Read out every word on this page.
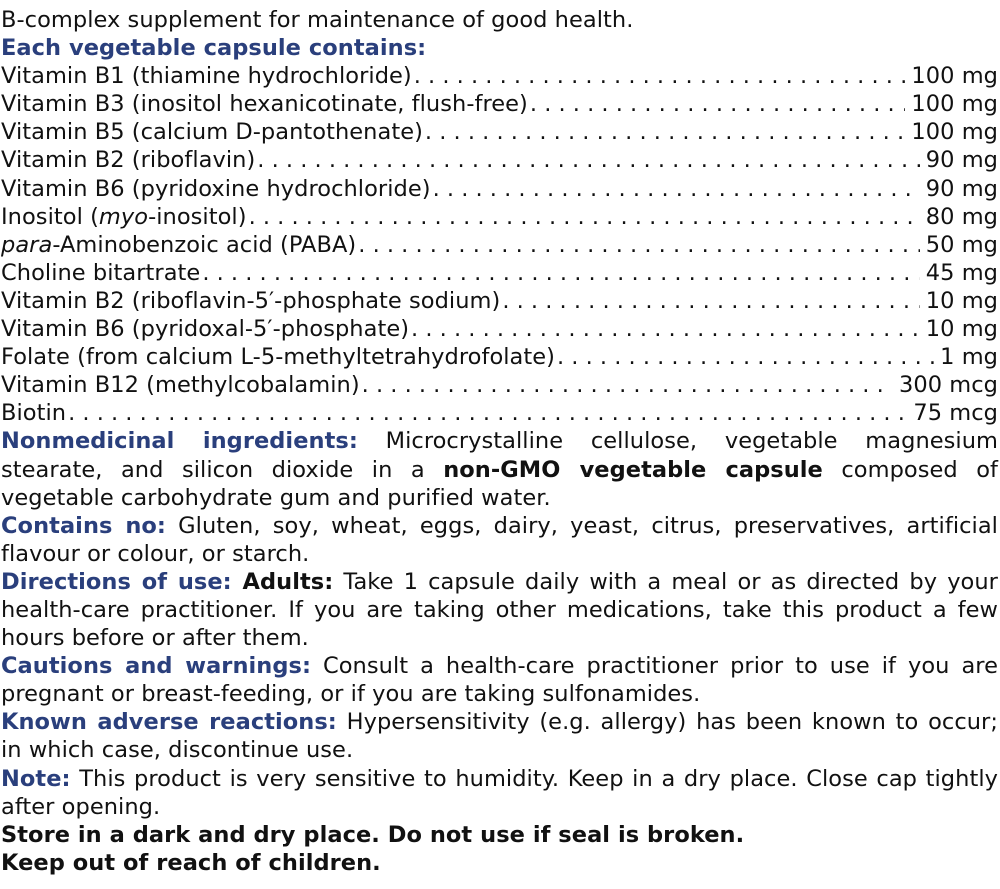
B-complex supplement for maintenance of good health.
Each vegetable capsule contains:
Vitamin B1 (thiamine hydrochloride) . . .	100 mg
Vitamin B3 (inositol hexanicotinate, flush-free) . . .	100 mg
Vitamin B5 (calcium D-pantothenate) . . .	100 mg
Vitamin B2 (riboflavin) . . .	90 mg
Vitamin B6 (pyridoxine hydrochloride) . . .	90 mg
Inositol (myo-inositol) . . .	80 mg
para-Aminobenzoic acid (PABA) . . .	50 mg
Choline bitartrate . . .	45 mg
Vitamin B2 (riboflavin-5′-phosphate sodium) . . .	10 mg
Vitamin B6 (pyridoxal-5′-phosphate) . . .	10 mg
Folate (from calcium L-5-methyltetrahydrofolate) . . .	1 mg
Vitamin B12 (methylcobalamin) . . .	300 mcg
Biotin . . .	75 mcg
Nonmedicinal ingredients: Microcrystalline cellulose, vegetable magnesium stearate, and silicon dioxide in a non-GMO vegetable capsule composed of vegetable carbohydrate gum and purified water.
Contains no: Gluten, soy, wheat, eggs, dairy, yeast, citrus, preservatives, artificial flavour or colour, or starch.
Directions of use: Adults: Take 1 capsule daily with a meal or as directed by your health-care practitioner. If you are taking other medications, take this product a few hours before or after them.
Cautions and warnings: Consult a health-care practitioner prior to use if you are pregnant or breast-feeding, or if you are taking sulfonamides.
Known adverse reactions: Hypersensitivity (e.g. allergy) has been known to occur; in which case, discontinue use.
Note: This product is very sensitive to humidity. Keep in a dry place. Close cap tightly after opening.
Store in a dark and dry place. Do not use if seal is broken.
Keep out of reach of children.
